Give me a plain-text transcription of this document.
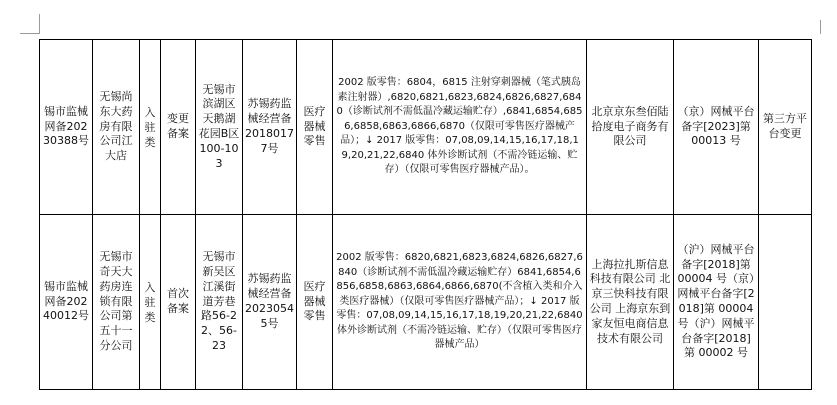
锡市监械网备20230388号	无锡尚东大药房有限公司江大店	入驻类	变更备案	无锡市滨湖区天鹅湖花园B区100-103	苏锡药监械经营备20180177号	医疗器械零售	2002 版零售：6804，6815 注射穿刺器械（笔式胰岛素注射器）,6820,6821,6823,6824,6826,6827,6840（诊断试剂不需低温冷藏运输贮存）,6841,6854,6856,6858,6863,6866,6870（仅限可零售医疗器械产品）；↓ 2017 版零售：07,08,09,14,15,16,17,18,19,20,21,22,6840 体外诊断试剂（不需冷链运输、贮存）（仅限可零售医疗器械产品）。	北京京东叁佰陆拾度电子商务有限公司	（京）网械平台备字[2023]第 00013 号	第三方平台变更
锡市监械网备20240012号	无锡市奇天大药房连锁有限公司第五十一分公司	入驻类	首次备案	无锡市新吴区江溪街道芳巷路56-22、56-23	苏锡药监械经营备20230545号	医疗器械零售	2002 版零售：6820,6821,6823,6824,6826,6827,6840（诊断试剂不需低温冷藏运输贮存）6841,6854,6856,6858,6863,6864,6866,6870(不含植入类和介入类医疗器械）（仅限可零售医疗器械产品）；↓ 2017 版零售：07,08,09,14,15,16,17,18,19,20,21,22,6840 体外诊断试剂（不需冷链运输、贮存）（仅限可零售医疗器械产品）	上海拉扎斯信息科技有限公司 北京三快科技有限公司 上海京东到家友恒电商信息技术有限公司	（沪）网械平台备字[2018]第 00004 号（京）网械平台备字[2018]第 00004 号（沪）网械平台备字[2018]第 00002 号	
